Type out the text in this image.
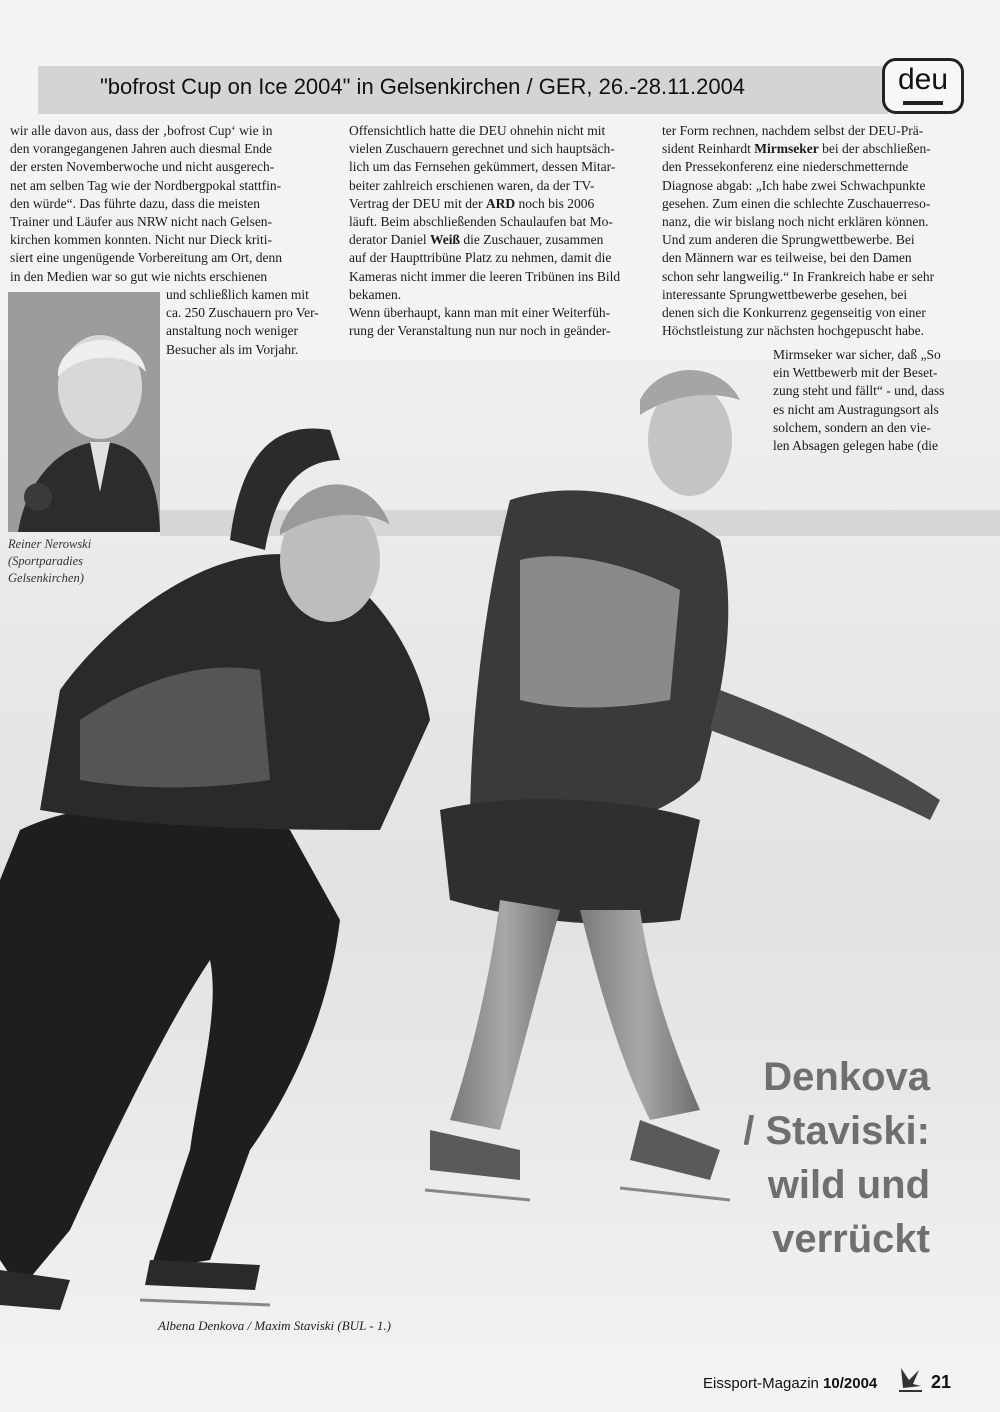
"bofrost Cup on Ice 2004" in Gelsenkirchen / GER, 26.-28.11.2004	deu

wir alle davon aus, dass der ‚bofrost Cup‘ wie in

den vorangegangenen Jahren auch diesmal Ende

der ersten Novemberwoche und nicht ausgerech-

net am selben Tag wie der Nordbergpokal stattfin-

den würde“. Das führte dazu, dass die meisten

Trainer und Läufer aus NRW nicht nach Gelsen-

kirchen kommen konnten. Nicht nur Dieck kriti-

siert eine ungenügende Vorbereitung am Ort, denn

in den Medien war so gut wie nichts erschienen

und schließlich kamen mit

ca. 250 Zuschauern pro Ver-

anstaltung noch weniger

Besucher als im Vorjahr.

Reiner Nerowski
(Sportparadies
Gelsenkirchen)

Offensichtlich hatte die DEU ohnehin nicht mit

vielen Zuschauern gerechnet und sich hauptsäch-

lich um das Fernsehen gekümmert, dessen Mitar-

beiter zahlreich erschienen waren, da der TV-

Vertrag der DEU mit der ARD noch bis 2006

läuft. Beim abschließenden Schaulaufen bat Mo-

derator Daniel Weiß die Zuschauer, zusammen

auf der Haupttribüne Platz zu nehmen, damit die

Kameras nicht immer die leeren Tribünen ins Bild

bekamen.

Wenn überhaupt, kann man mit einer Weiterfüh-

rung der Veranstaltung nun nur noch in geänder-

ter Form rechnen, nachdem selbst der DEU-Prä-

sident Reinhardt Mirmseker bei der abschließen-

den Pressekonferenz eine niederschmetternde

Diagnose abgab: „Ich habe zwei Schwachpunkte

gesehen. Zum einen die schlechte Zuschauerreso-

nanz, die wir bislang noch nicht erklären können.

Und zum anderen die Sprungwettbewerbe. Bei

den Männern war es teilweise, bei den Damen

schon sehr langweilig.“ In Frankreich habe er sehr

interessante Sprungwettbewerbe gesehen, bei

denen sich die Konkurrenz gegenseitig von einer

Höchstleistung zur nächsten hochgepuscht habe.

Mirmseker war sicher, daß „So

ein Wettbewerb mit der Beset-

zung steht und fällt“ - und, dass

es nicht am Austragungsort als

solchem, sondern an den vie-

len Absagen gelegen habe (die

Denkova
/ Staviski:
wild und
verrückt
Albena Denkova / Maxim Staviski (BUL - 1.)
Eissport-Magazin 10/2004	21
